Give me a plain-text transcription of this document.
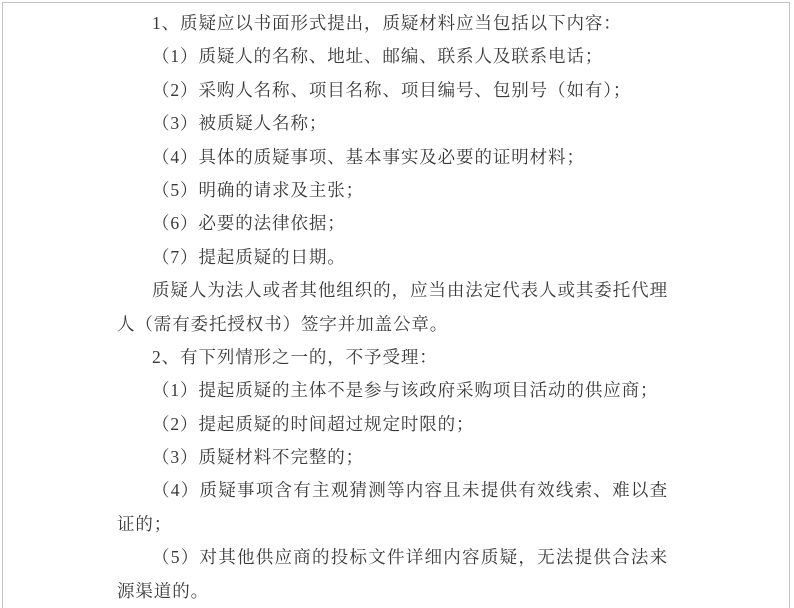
1、质疑应以书面形式提出，质疑材料应当包括以下内容：
（1）质疑人的名称、地址、邮编、联系人及联系电话；
（2）采购人名称、项目名称、项目编号、包别号（如有）；
（3）被质疑人名称；
（4）具体的质疑事项、基本事实及必要的证明材料；
（5）明确的请求及主张；
（6）必要的法律依据；
（7）提起质疑的日期。
质疑人为法人或者其他组织的，应当由法定代表人或其委托代理
人（需有委托授权书）签字并加盖公章。
2、有下列情形之一的，不予受理：
（1）提起质疑的主体不是参与该政府采购项目活动的供应商；
（2）提起质疑的时间超过规定时限的；
（3）质疑材料不完整的；
（4）质疑事项含有主观猜测等内容且未提供有效线索、难以查
证的；
（5）对其他供应商的投标文件详细内容质疑，无法提供合法来
源渠道的。
